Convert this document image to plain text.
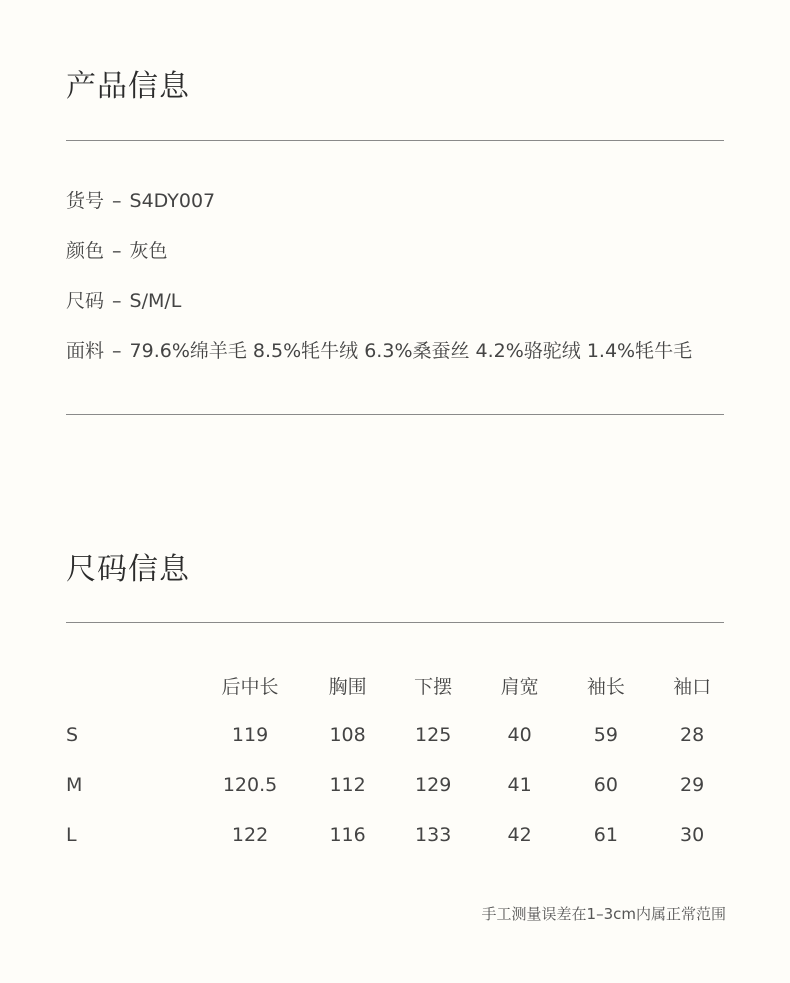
产品信息
货号 – S4DY007
颜色 – 灰色
尺码 – S/M/L
面料 – 79.6%绵羊毛 8.5%牦牛绒 6.3%桑蚕丝 4.2%骆驼绒 1.4%牦牛毛
尺码信息
	后中长	胸围	下摆	肩宽	袖长	袖口
S	119	108	125	40	59	28
M	120.5	112	129	41	60	29
L	122	116	133	42	61	30
手工测量误差在1–3cm内属正常范围
